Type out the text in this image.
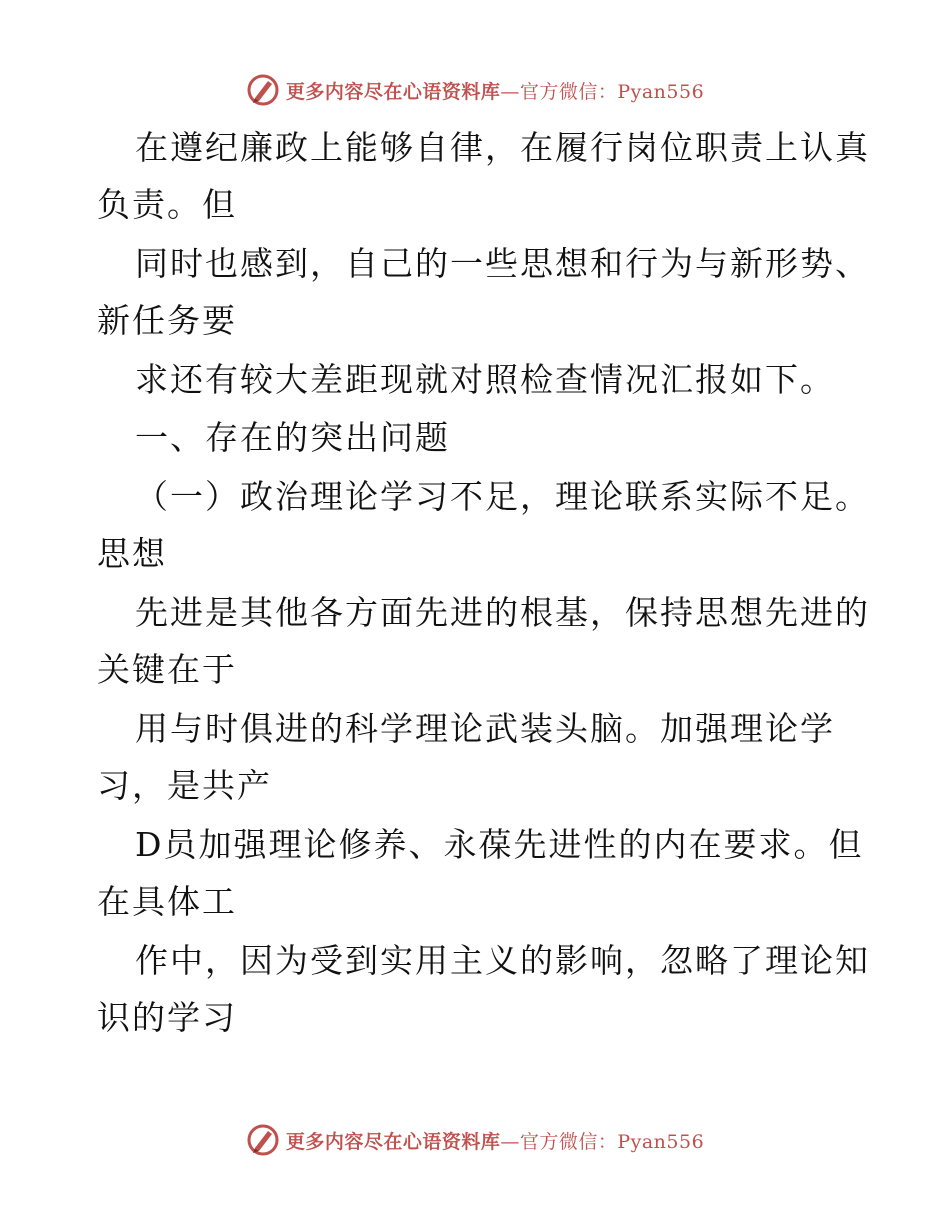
更多内容尽在心语资料库—官方微信：Pyan556
在遵纪廉政上能够自律，在履行岗位职责上认真
负责。但
同时也感到，自己的一些思想和行为与新形势、
新任务要
求还有较大差距现就对照检查情况汇报如下。
一、存在的突出问题
（一）政治理论学习不足，理论联系实际不足。
思想
先进是其他各方面先进的根基，保持思想先进的
关键在于
用与时俱进的科学理论武装头脑。加强理论学
习，是共产
D员加强理论修养、永葆先进性的内在要求。但
在具体工
作中，因为受到实用主义的影响，忽略了理论知
识的学习
更多内容尽在心语资料库—官方微信：Pyan556
